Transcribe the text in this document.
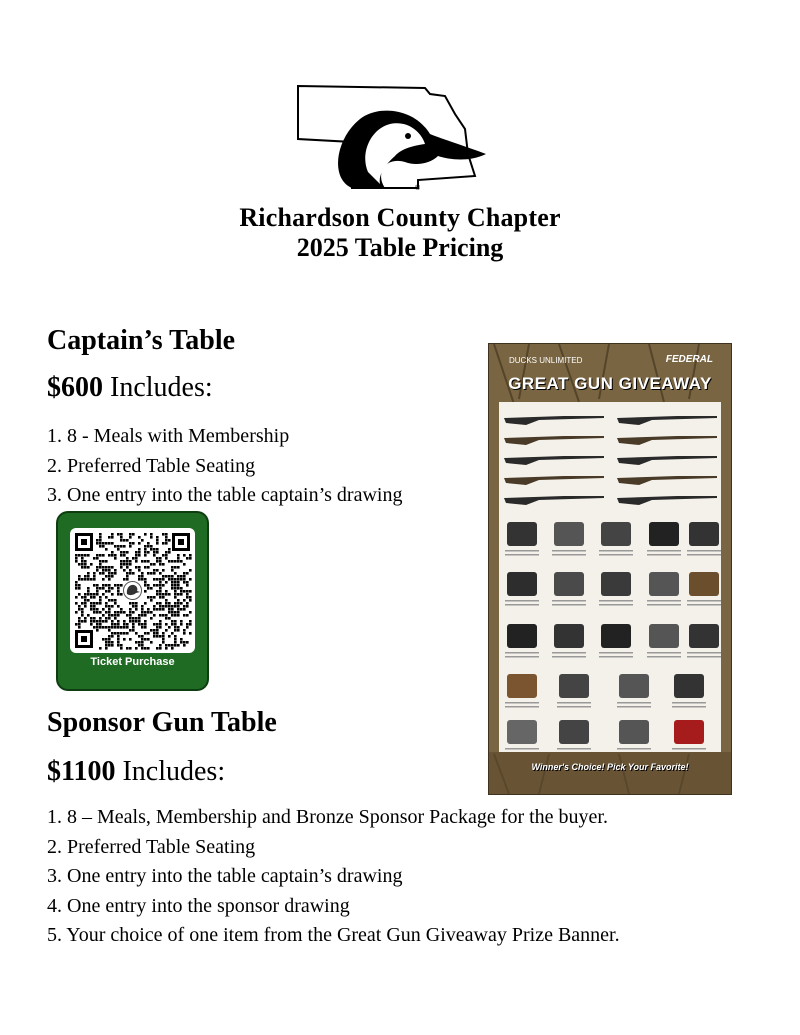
®
Richardson County Chapter
2025 Table Pricing
Captain’s Table
$600 Includes:
1. 8 - Meals with Membership
2. Preferred Table Seating
3. One entry into the table captain’s drawing
Ticket Purchase
DUCKS UNLIMITED	FEDERAL
GREAT GUN GIVEAWAY
Winner's Choice! Pick Your Favorite!
Sponsor Gun Table
$1100 Includes:
1. 8 – Meals, Membership and Bronze Sponsor Package for the buyer.
2. Preferred Table Seating
3. One entry into the table captain’s drawing
4. One entry into the sponsor drawing
5. Your choice of one item from the Great Gun Giveaway Prize Banner.
